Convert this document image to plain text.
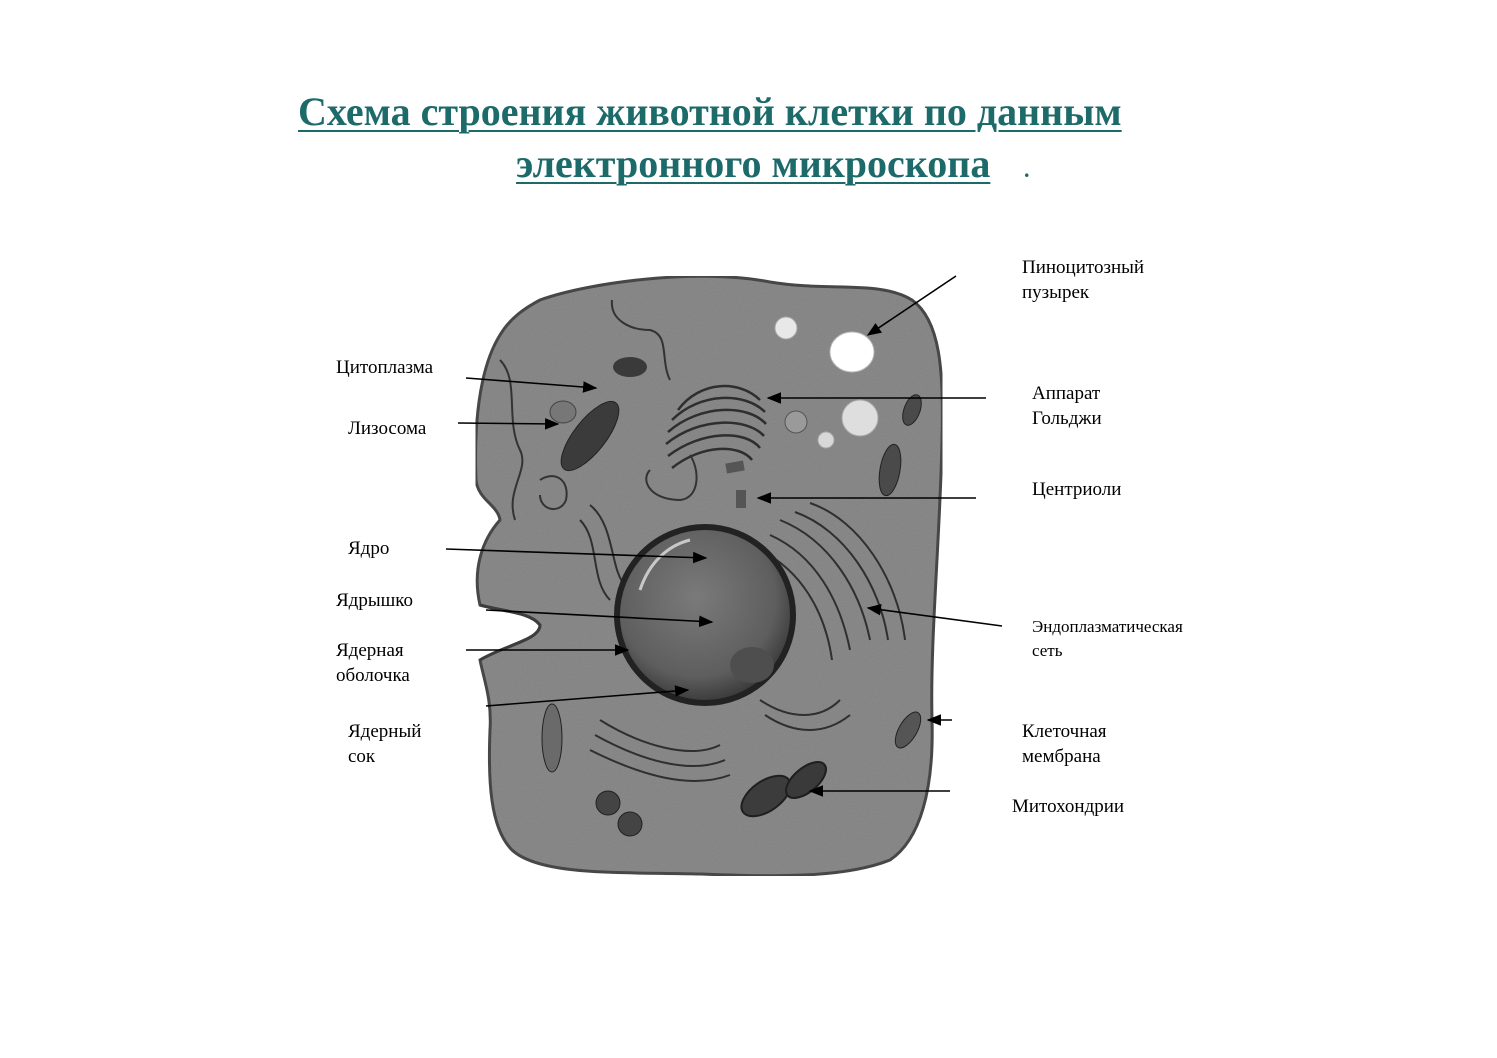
Схема строения животной клетки по данным
электронного микроскопа .
Цитоплазма
Лизосома
Ядро
Ядрышко
Ядерная
оболочка
Ядерный
сок
Пиноцитозный
пузырек
Аппарат
Гольджи
Центриоли
Эндоплазматическая
сеть
Клеточная
мембрана
Митохондрии
